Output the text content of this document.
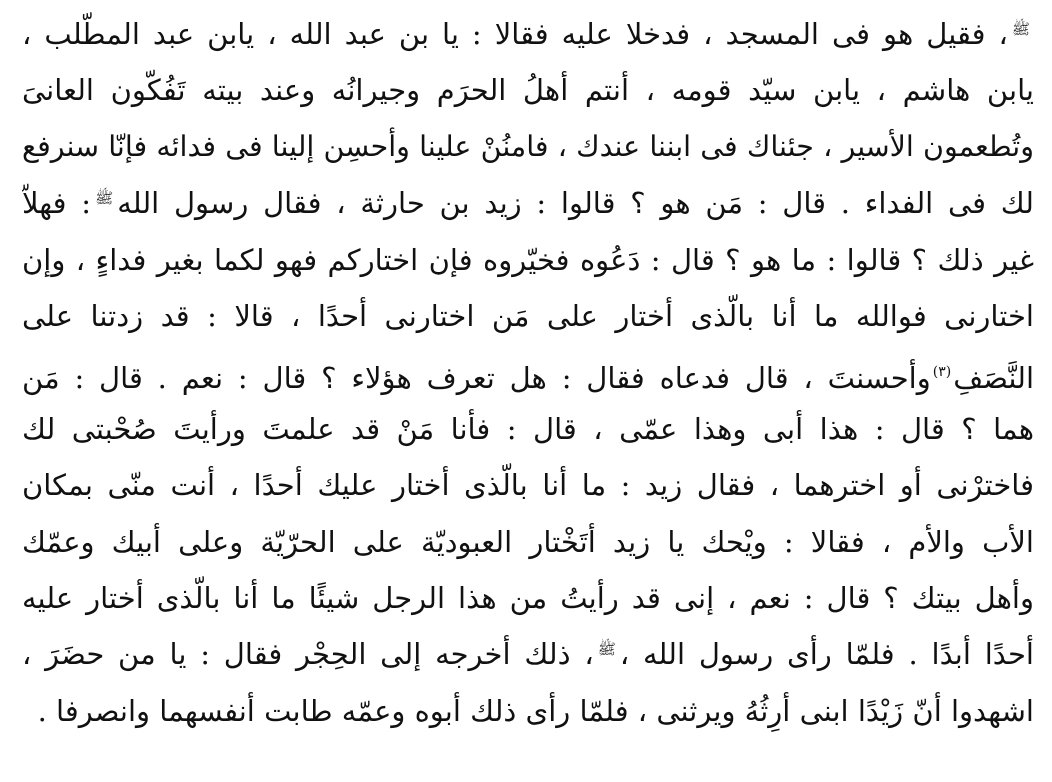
ﷺ، فقيل هو فى المسجد ، فدخلا عليه فقالا : يا بن عبد الله ، يابن عبد المطّلب ،
يابن هاشم ، يابن سيّد قومه ، أنتم أهلُ الحرَم وجيرانُه وعند بيته تَفُكّون العانىَ
وتُطعمون الأسير ، جئناك فى ابننا عندك ، فامنُنْ علينا وأحسِن إلينا فى فدائه فإنّا سنرفع
لك فى الفداء . قال : مَن هو ؟ قالوا : زيد بن حارثة ، فقال رسول اللهﷺ: فهلاّ
غير ذلك ؟ قالوا : ما هو ؟ قال : دَعُوه فخيّروه فإن اختاركم فهو لكما بغير فداءٍ ، وإن
اختارنى فوالله ما أنا بالّذى أختار على مَن اختارنى أحدًا ، قالا : قد زدتنا على
النَّصَفِ$^{(٣)}$وأحسنتَ ، قال فدعاه فقال : هل تعرف هؤلاء ؟ قال : نعم . قال : مَن
هما ؟ قال : هذا أبى وهذا عمّى ، قال : فأنا مَنْ قد علمتَ ورأيتَ صُحْبتى لك
فاخترْنى أو اخترهما ، فقال زيد : ما أنا بالّذى أختار عليك أحدًا ، أنت منّى بمكان
الأب والأم ، فقالا : ويْحك يا زيد أتَخْتار العبوديّة على الحرّيّة وعلى أبيك وعمّك
وأهل بيتك ؟ قال : نعم ، إنى قد رأيتُ من هذا الرجل شيئًا ما أنا بالّذى أختار عليه
أحدًا أبدًا . فلمّا رأى رسول الله ،ﷺ، ذلك أخرجه إلى الحِجْر فقال : يا من حضَرَ ،
اشهدوا أنّ زَيْدًا ابنى أرِثُهُ ويرثنى ، فلمّا رأى ذلك أبوه وعمّه طابت أنفسهما وانصرفا .
